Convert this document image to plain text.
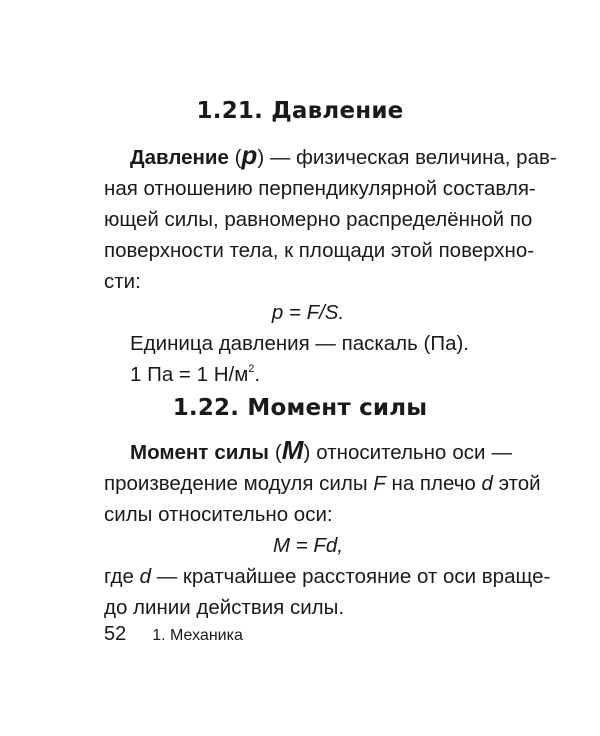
1.21. Давление
Давление (p) — физическая величина, рав-
ная отношению перпендикулярной составля-
ющей силы, равномерно распределённой по
поверхности тела, к площади этой поверхно-
сти:
p = F/S.
Единица давления — паскаль (Па).
1 Па = 1 $Н/м^2$.
1.22. Момент силы
Момент силы (M) относительно оси —
произведение модуля силы F на плечо d этой
силы относительно оси:
M = Fd,
где d — кратчайшее расстояние от оси враще-
до линии действия силы.
52 1. Механика
